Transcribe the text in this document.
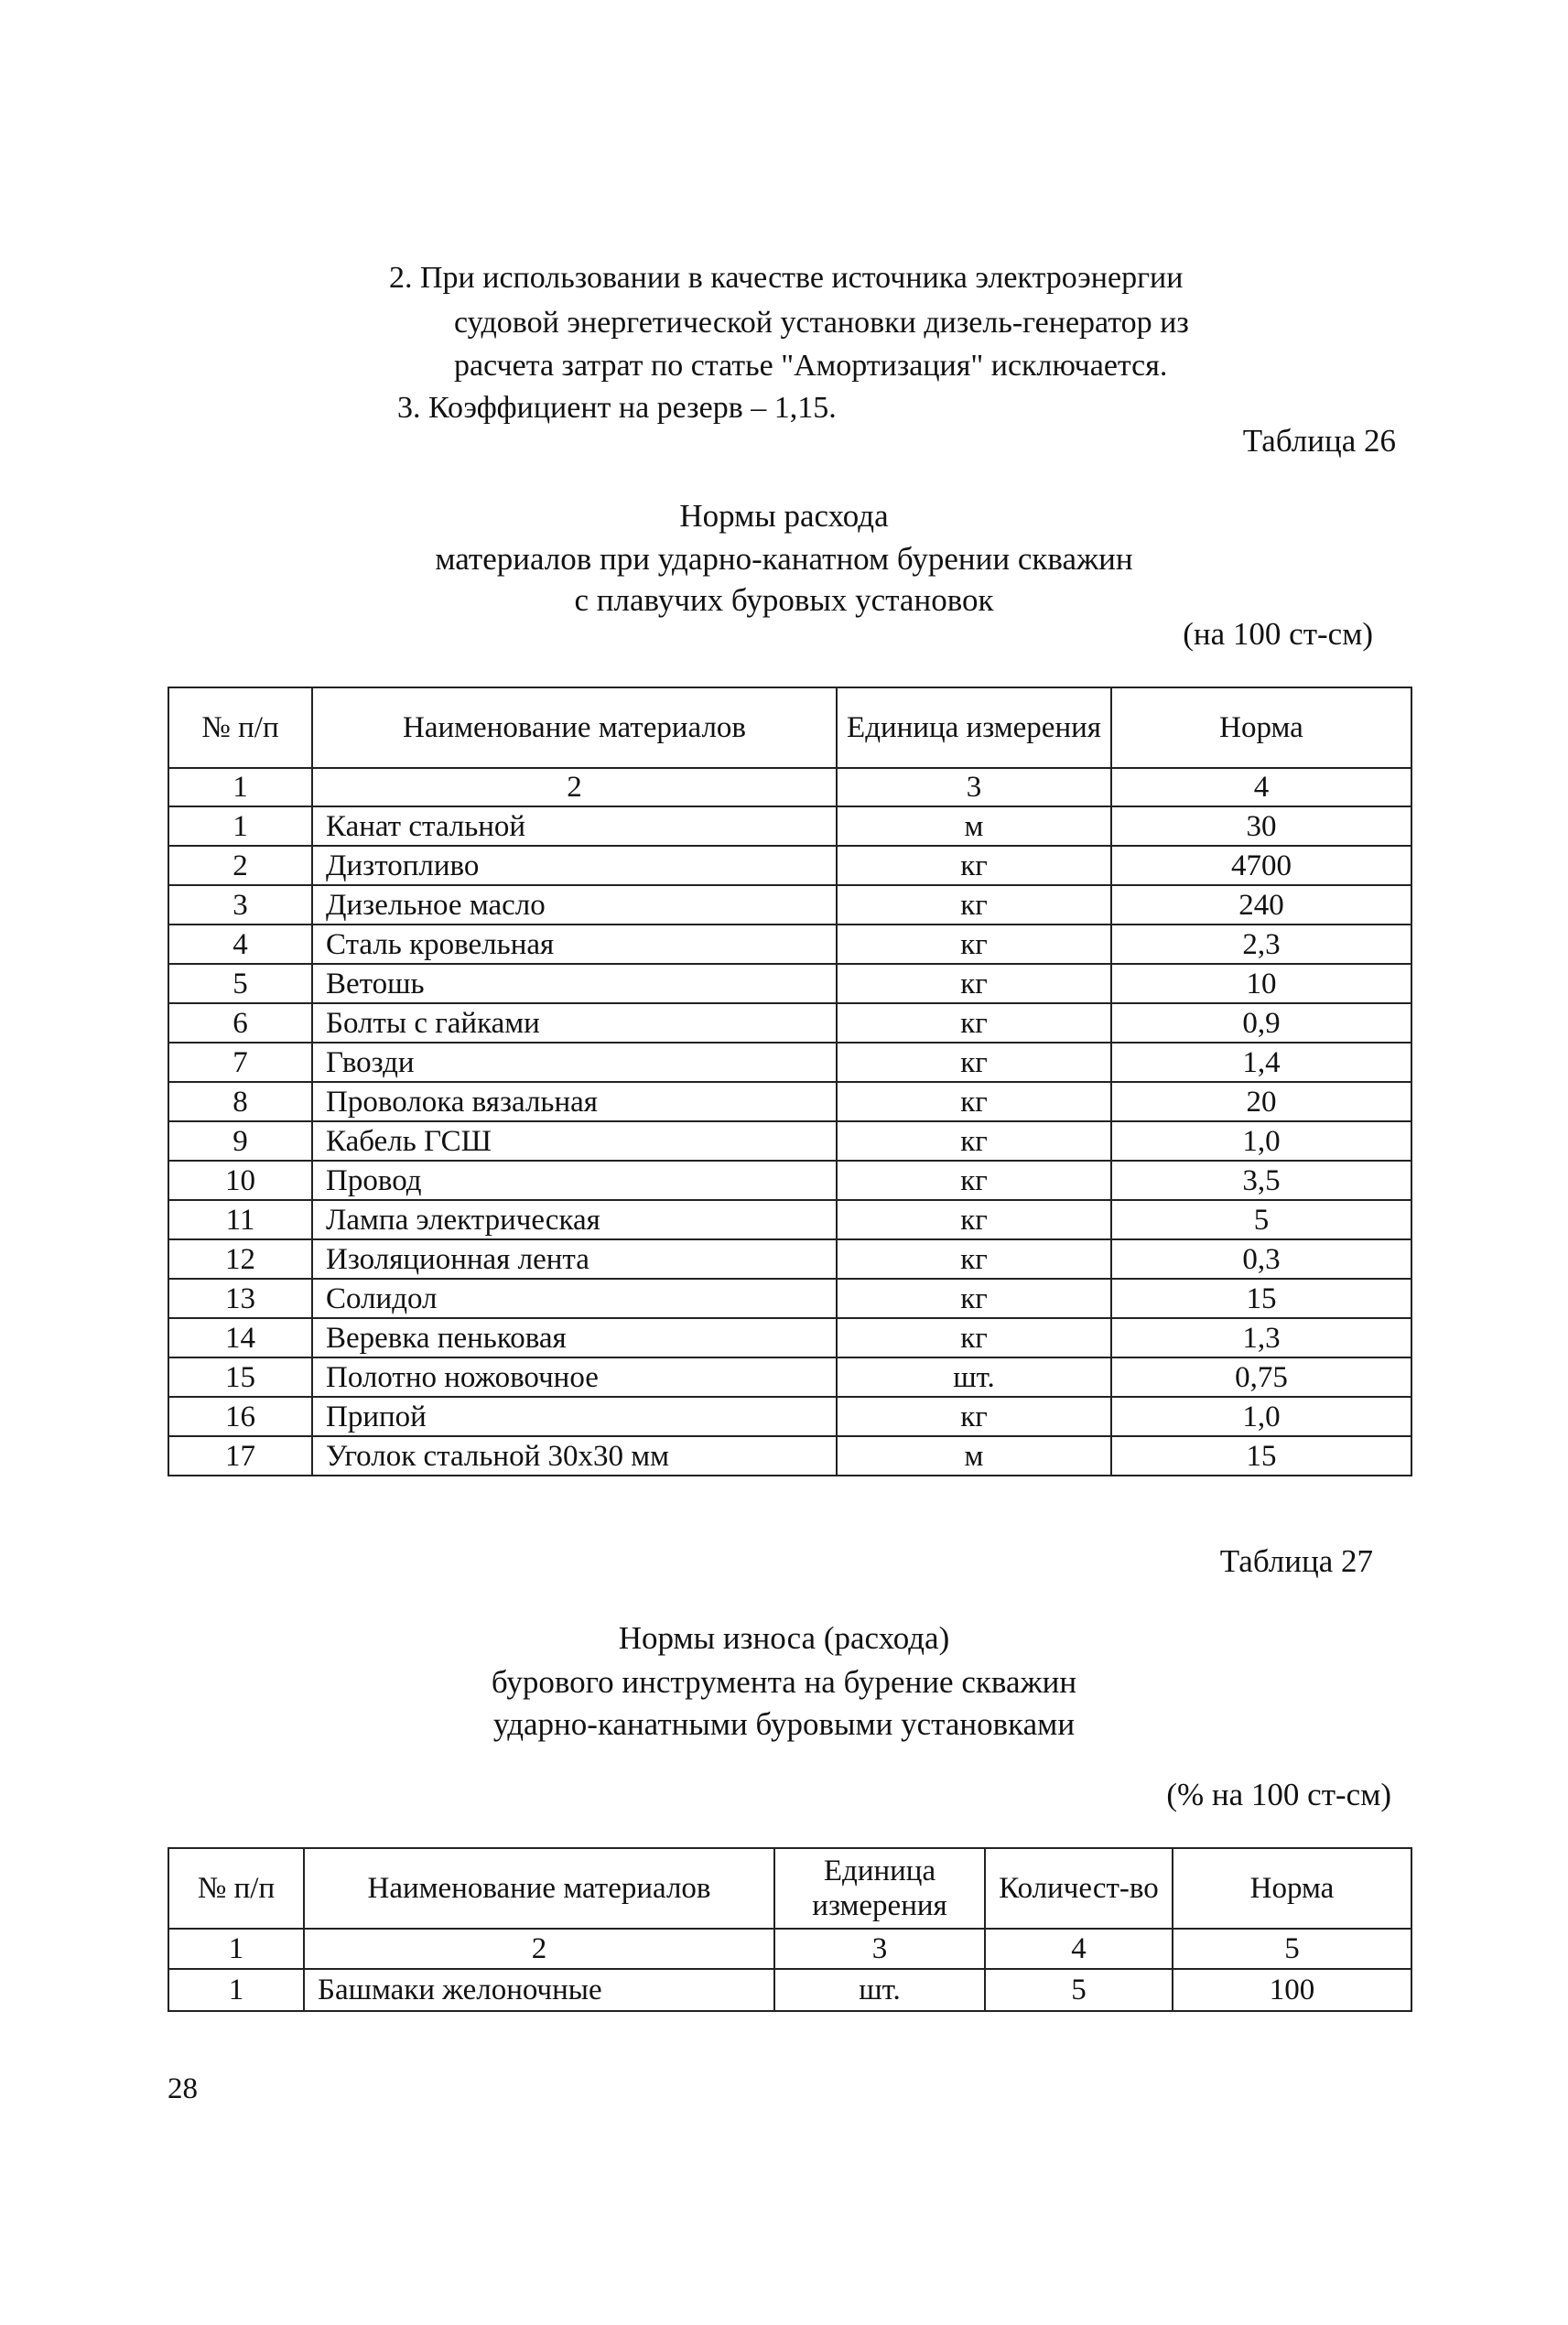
2. При использовании в качестве источника электроэнергии
судовой энергетической установки дизель-генератор из
расчета затрат по статье "Амортизация" исключается.
3. Коэффициент на резерв – 1,15.
Таблица 26
Нормы расхода
материалов при ударно-канатном бурении скважин
с плавучих буровых установок
(на 100 ст-см)
№ п/п	Наименование материалов	Единица измерения	Норма
1	2	3	4
1	Канат стальной	м	30
2	Дизтопливо	кг	4700
3	Дизельное масло	кг	240
4	Сталь кровельная	кг	2,3
5	Ветошь	кг	10
6	Болты с гайками	кг	0,9
7	Гвозди	кг	1,4
8	Проволока вязальная	кг	20
9	Кабель ГСШ	кг	1,0
10	Провод	кг	3,5
11	Лампа электрическая	кг	5
12	Изоляционная лента	кг	0,3
13	Солидол	кг	15
14	Веревка пеньковая	кг	1,3
15	Полотно ножовочное	шт.	0,75
16	Припой	кг	1,0
17	Уголок стальной 30х30 мм	м	15
Таблица 27
Нормы износа (расхода)
бурового инструмента на бурение скважин
ударно-канатными буровыми установками
(% на 100 ст-см)
№ п/п	Наименование материалов	Единица измерения	Количест-во	Норма
1	2	3	4	5
1	Башмаки желоночные	шт.	5	100
28
